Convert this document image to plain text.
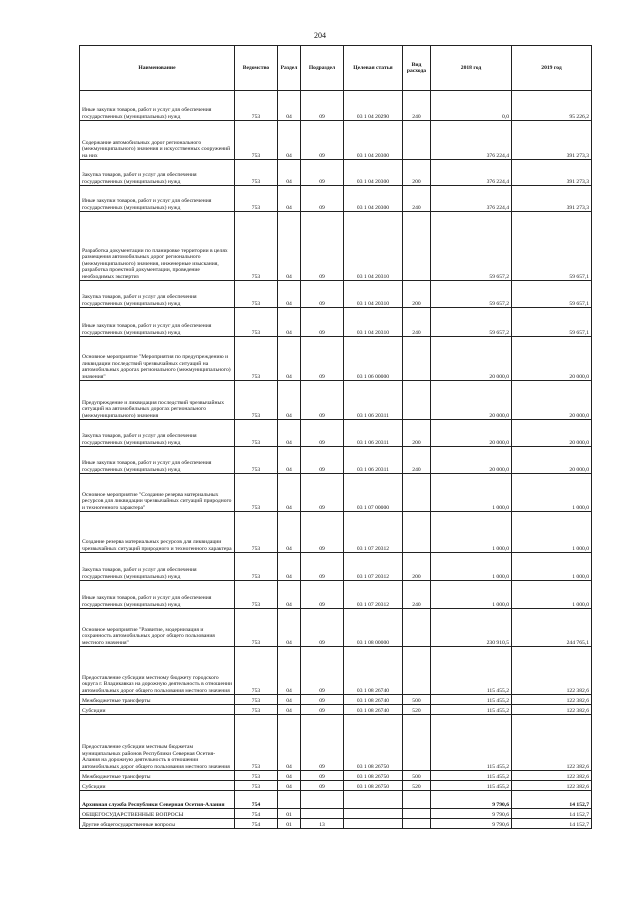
204
Наименование	Ведомство	Раздел	Подраздел	Целевая статья	Вид расхода	2018 год	2019 год
Иные закупки товаров, работ и услуг для обеспечения государственных (муниципальных) нужд	753	04	09	03 1 04 20290	240	0,0	95 226,2
Содержание автомобильных дорог регионального (межмуниципального) значения и искусственных сооружений на них	753	04	09	03 1 04 20300		376 224,4	391 273,3
Закупка товаров, работ и услуг для обеспечения государственных (муниципальных) нужд	753	04	09	03 1 04 20300	200	376 224,4	391 273,3
Иные закупки товаров, работ и услуг для обеспечения государственных (муниципальных) нужд	753	04	09	03 1 04 20300	240	376 224,4	391 273,3
Разработка документации по планировке территории в целях размещения автомобильных дорог регионального (межмуниципального) значения, инженерные изыскания, разработка проектной документации, проведение необходимых экспертиз	753	04	09	03 1 04 20310		59 657,2	59 657,1
Закупка товаров, работ и услуг для обеспечения государственных (муниципальных) нужд	753	04	09	03 1 04 20310	200	59 657,2	59 657,1
Иные закупки товаров, работ и услуг для обеспечения государственных (муниципальных) нужд	753	04	09	03 1 04 20310	240	59 657,2	59 657,1
Основное мероприятие "Мероприятия по предупреждению и ликвидации последствий чрезвычайных ситуаций на автомобильных дорогах регионального (межмуниципального) значения"	753	04	09	03 1 06 00000		20 000,0	20 000,0
Предупреждение и ликвидация последствий чрезвычайных ситуаций на автомобильных дорогах регионального (межмуниципального) значения	753	04	09	03 1 06 20311		20 000,0	20 000,0
Закупка товаров, работ и услуг для обеспечения государственных (муниципальных) нужд	753	04	09	03 1 06 20311	200	20 000,0	20 000,0
Иные закупки товаров, работ и услуг для обеспечения государственных (муниципальных) нужд	753	04	09	03 1 06 20311	240	20 000,0	20 000,0
Основное мероприятие "Создание резерва материальных ресурсов для ликвидации чрезвычайных ситуаций природного и техногенного характера"	753	04	09	03 1 07 00000		1 000,0	1 000,0
Создание резерва материальных ресурсов для ликвидации чрезвычайных ситуаций природного и техногенного характера	753	04	09	03 1 07 20312		1 000,0	1 000,0
Закупка товаров, работ и услуг для обеспечения государственных (муниципальных) нужд	753	04	09	03 1 07 20312	200	1 000,0	1 000,0
Иные закупки товаров, работ и услуг для обеспечения государственных (муниципальных) нужд	753	04	09	03 1 07 20312	240	1 000,0	1 000,0
Основное мероприятие "Развитие, модернизация и сохранность автомобильных дорог общего пользования местного значения"	753	04	09	03 1 08 00000		230 910,5	244 765,1
Предоставление субсидии местному бюджету городского округа г. Владикавказ на дорожную деятельность в отношении автомобильных дорог общего пользования местного значения	753	04	09	03 1 08 26740		115 455,2	122 382,6
Межбюджетные трансферты	753	04	09	03 1 08 26740	500	115 455,2	122 382,6
Субсидии	753	04	09	03 1 08 26740	520	115 455,2	122 382,6
Предоставление субсидии местным бюджетам муниципальных районов Республики Северная Осетия-Алания на дорожную деятельность в отношении автомобильных дорог общего пользования местного значения	753	04	09	03 1 08 26750		115 455,2	122 382,6
Межбюджетные трансферты	753	04	09	03 1 08 26750	500	115 455,2	122 382,6
Субсидии	753	04	09	03 1 08 26750	520	115 455,2	122 382,6
Архивная служба Республики Северная Осетия-Алания	754					9 790,6	14 152,7
ОБЩЕГОСУДАРСТВЕННЫЕ ВОПРОСЫ	754	01				9 790,6	14 152,7
Другие общегосударственные вопросы	754	01	13			9 790,6	14 152,7
